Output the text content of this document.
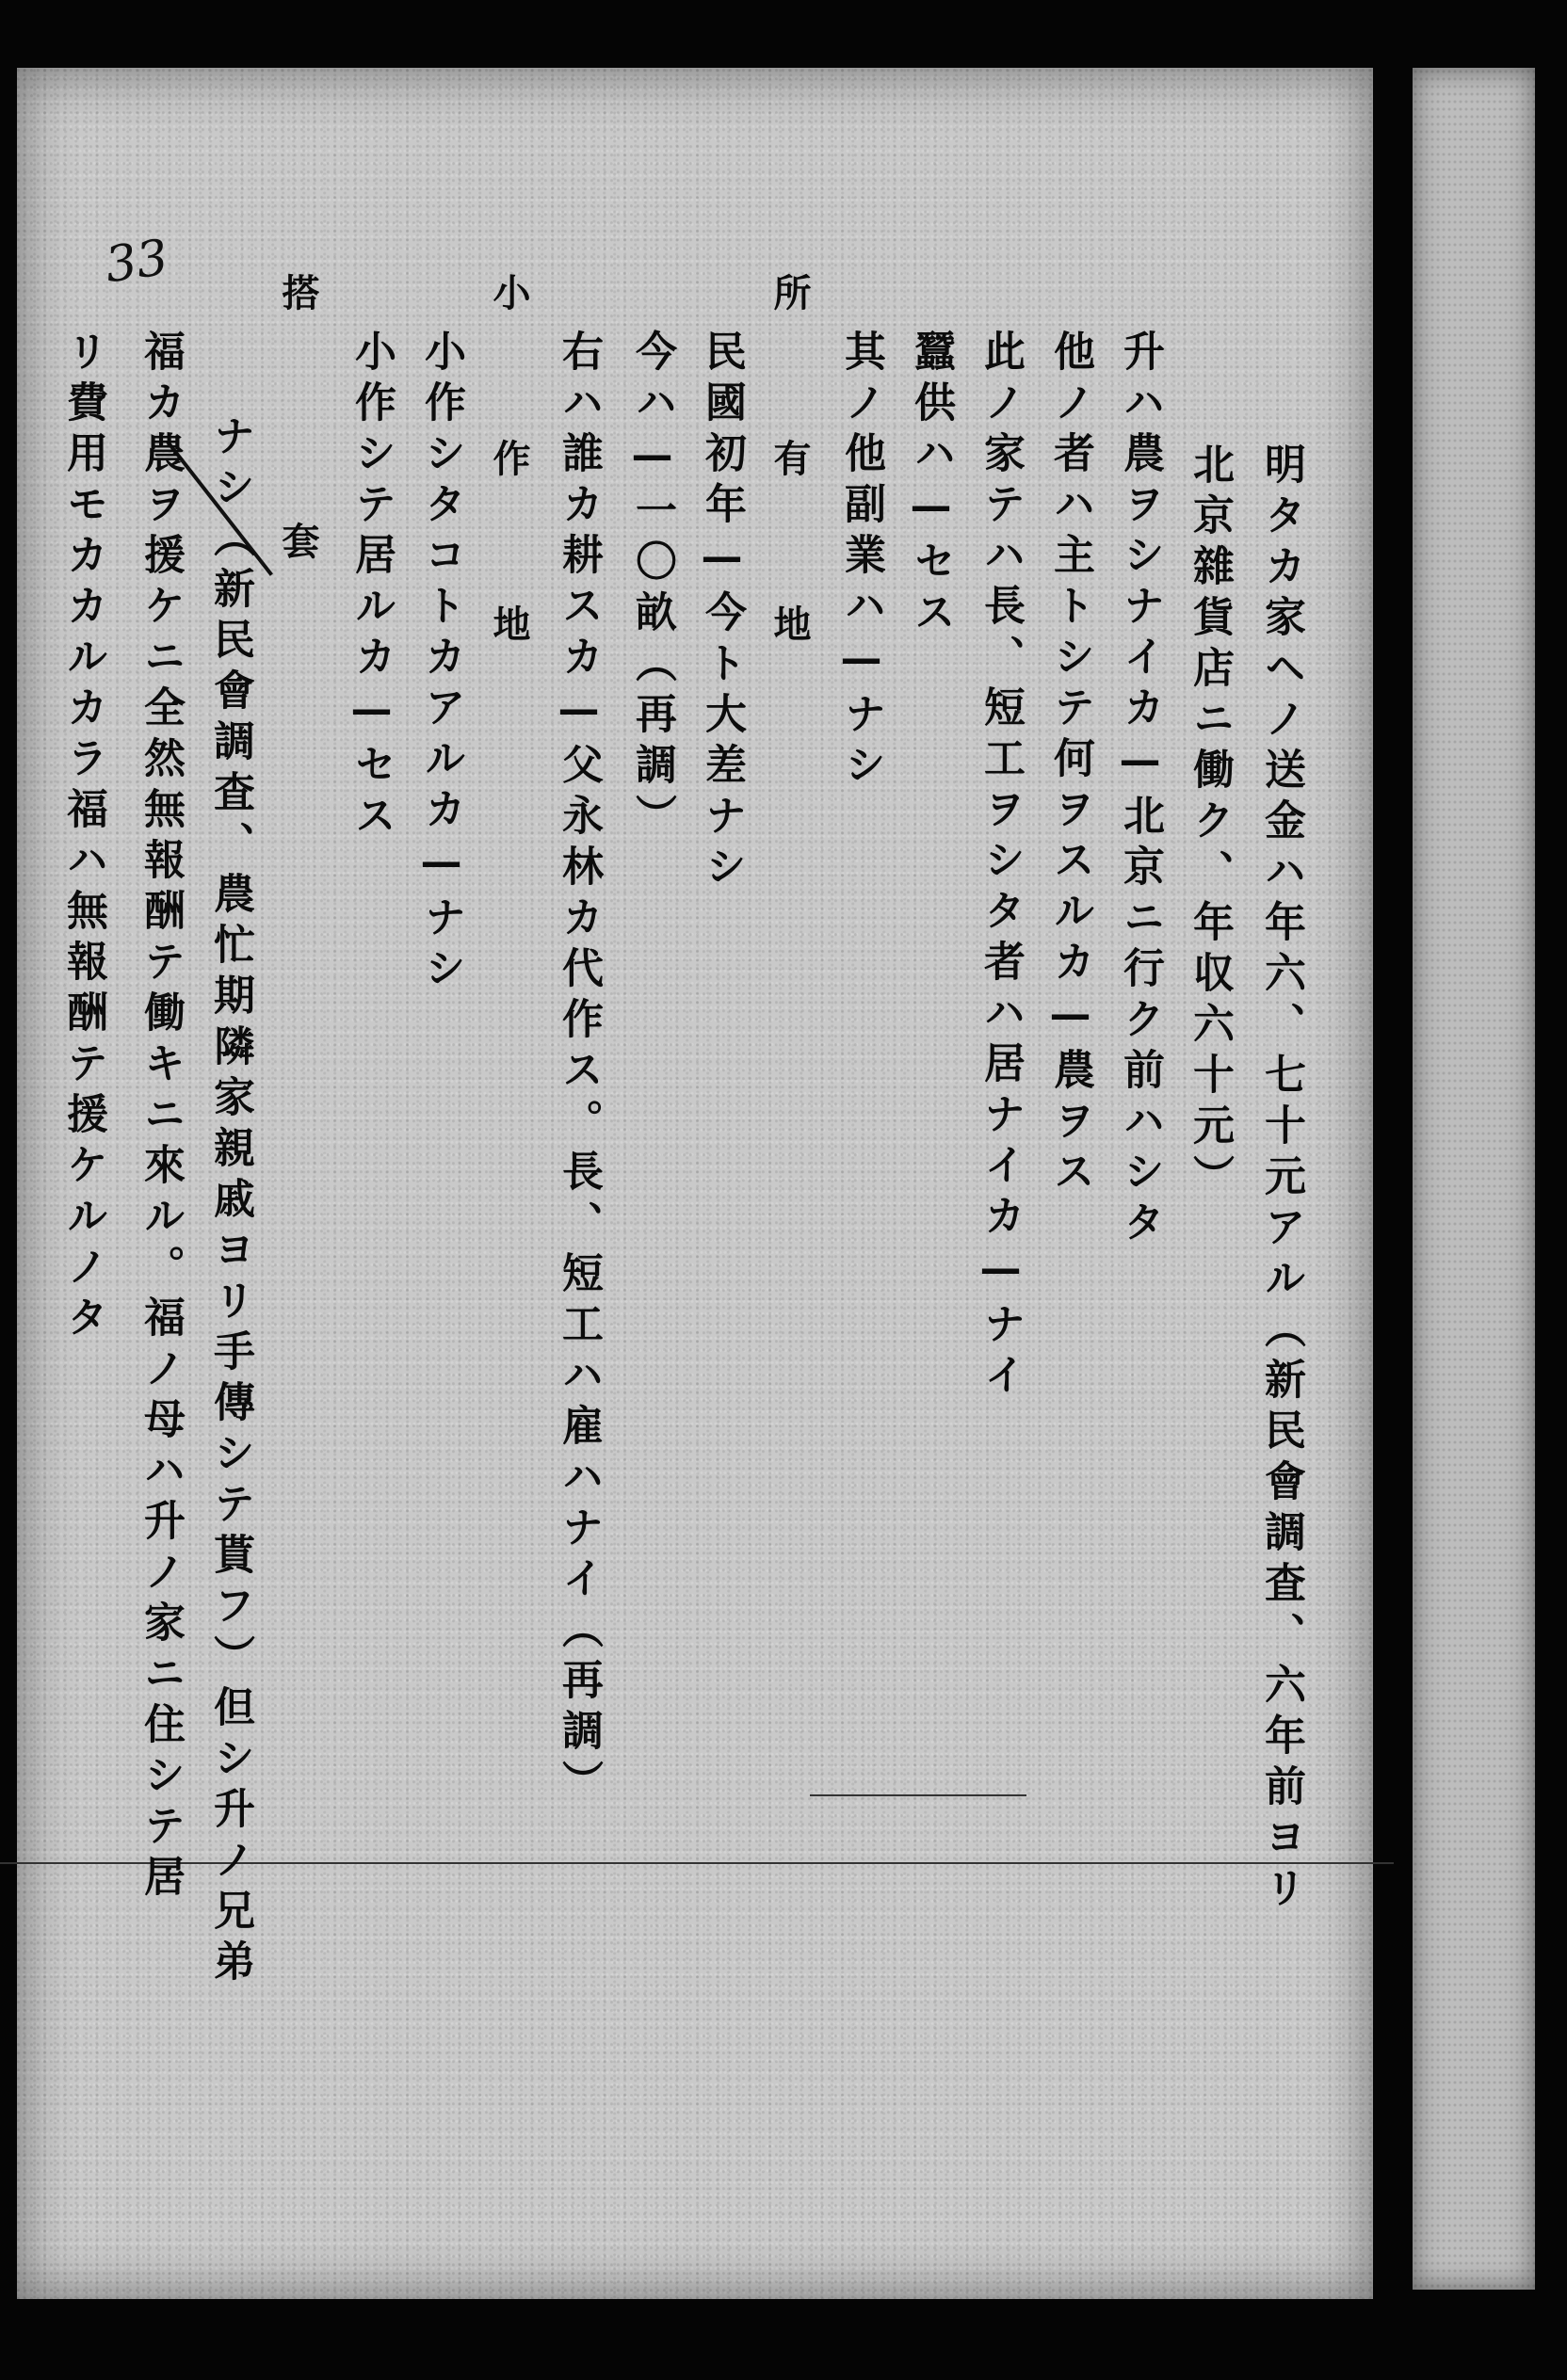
33
明タカ家ヘノ送金ハ年六、七十元アル（新民會調査、六年前ヨリ
北京雜貨店ニ働ク、年収六十元）
升ハ農ヲシナイカ—北京ニ行ク前ハシタ
他ノ者ハ主トシテ何ヲスルカ—農ヲス
此ノ家テハ長、短工ヲシタ者ハ居ナイカ—ナイ
蠶供ハ—セス
其ノ他副業ハ—ナシ
所　有　地
民國初年—今ト大差ナシ
今ハ—一〇畝（再調）
右ハ誰カ耕スカ—父永林カ代作ス。長、短工ハ雇ハナイ（再調）
小　作　地
小作シタコトカアルカ—ナシ
小作シテ居ルカ—セス
搭　　套
ナシ（新民會調査、農忙期隣家親戚ヨリ手傳シテ貰フ）但シ升ノ兄弟
福カ農ヲ援ケニ全然無報酬テ働キニ來ル。福ノ母ハ升ノ家ニ住シテ居
リ費用モカカルカラ福ハ無報酬テ援ケルノタ
